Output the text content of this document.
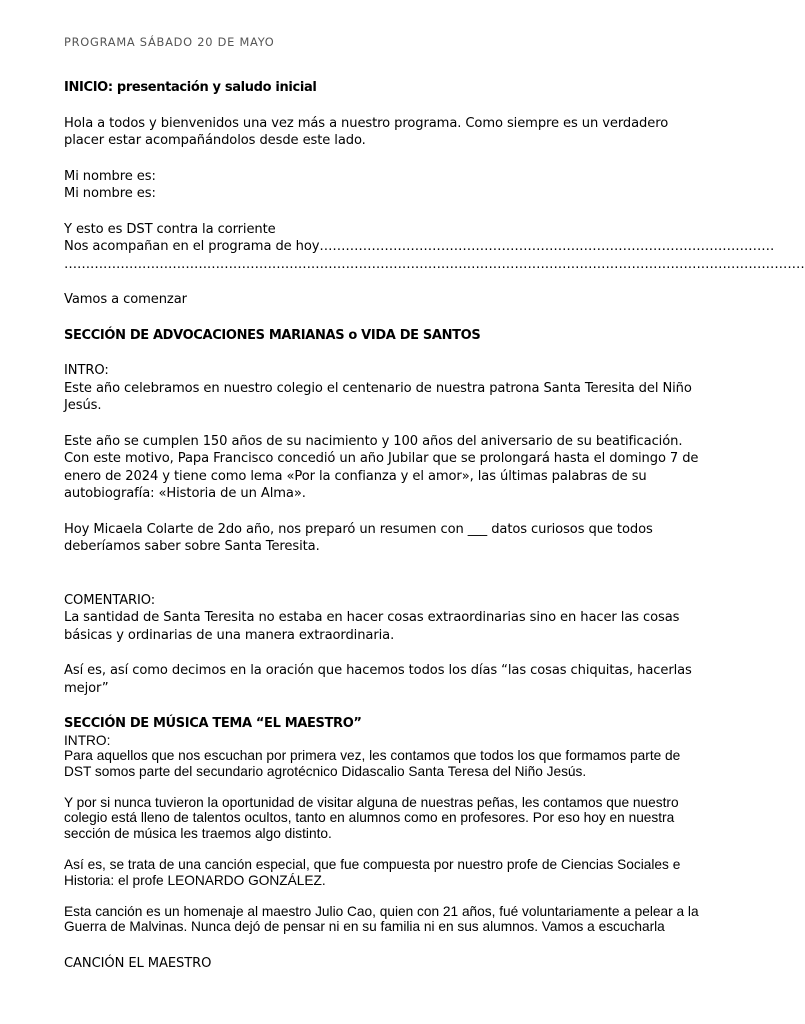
PROGRAMA SÁBADO 20 DE MAYO
INICIO: presentación y saludo inicial

Hola a todos y bienvenidos una vez más a nuestro programa. Como siempre es un verdadero placer estar acompañándolos desde este lado.

Mi nombre es:

Mi nombre es:

Y esto es DST contra la corriente

Nos acompañan en el programa de hoy……………………………………………………………………………………………

………………………………………………………………………………………………………………………………………………………

Vamos a comenzar

SECCIÓN DE ADVOCACIONES MARIANAS o VIDA DE SANTOS

INTRO:

Este año celebramos en nuestro colegio el centenario de nuestra patrona Santa Teresita del Niño Jesús.

Este año se cumplen 150 años de su nacimiento y 100 años del aniversario de su beatificación. Con este motivo, Papa Francisco concedió un año Jubilar que se prolongará hasta el domingo 7 de enero de 2024 y tiene como lema «Por la confianza y el amor», las últimas palabras de su autobiografía: «Historia de un Alma».

Hoy Micaela Colarte de 2do año, nos preparó un resumen con ___ datos curiosos que todos deberíamos saber sobre Santa Teresita.

COMENTARIO:

La santidad de Santa Teresita no estaba en hacer cosas extraordinarias sino en hacer las cosas básicas y ordinarias de una manera extraordinaria.

Así es, así como decimos en la oración que hacemos todos los días “las cosas chiquitas, hacerlas mejor”

SECCIÓN DE MÚSICA TEMA “EL MAESTRO”

INTRO:

Para aquellos que nos escuchan por primera vez, les contamos que todos los que formamos parte de DST somos parte del secundario agrotécnico Didascalio Santa Teresa del Niño Jesús.

Y por si nunca tuvieron la oportunidad de visitar alguna de nuestras peñas, les contamos que nuestro colegio está lleno de talentos ocultos, tanto en alumnos como en profesores. Por eso hoy en nuestra sección de música les traemos algo distinto.

Así es, se trata de una canción especial, que fue compuesta por nuestro profe de Ciencias Sociales e Historia: el profe LEONARDO GONZÁLEZ.

Esta canción es un homenaje al maestro Julio Cao, quien con 21 años, fué voluntariamente a pelear a la Guerra de Malvinas. Nunca dejó de pensar ni en su familia ni en sus alumnos. Vamos a escucharla

CANCIÓN EL MAESTRO
